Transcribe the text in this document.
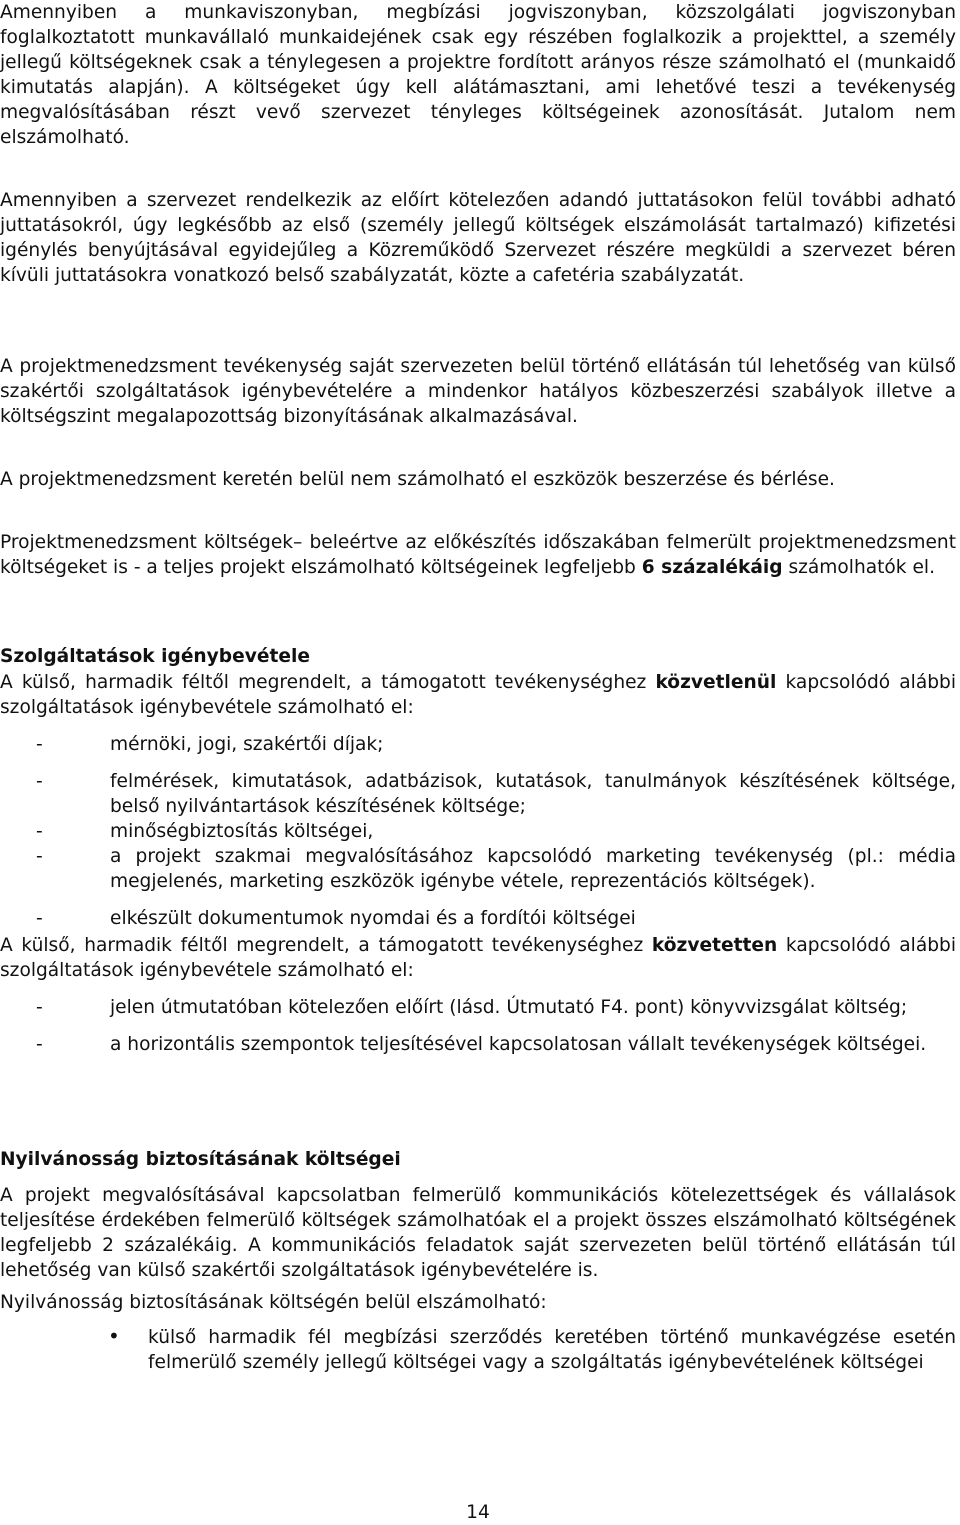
Amennyiben a munkaviszonyban, megbízási jogviszonyban, közszolgálati jogviszonyban foglalkoztatott munkavállaló munkaidejének csak egy részében foglalkozik a projekttel, a személy jellegű költségeknek csak a ténylegesen a projektre fordított arányos része számolható el (munkaidő kimutatás alapján). A költségeket úgy kell alátámasztani, ami lehetővé teszi a tevékenység megvalósításában részt vevő szervezet tényleges költségeinek azonosítását. Jutalom nem elszámolható.

Amennyiben a szervezet rendelkezik az előírt kötelezően adandó juttatásokon felül további adható juttatásokról, úgy legkésőbb az első (személy jellegű költségek elszámolását tartalmazó) kifizetési igénylés benyújtásával egyidejűleg a Közreműködő Szervezet részére megküldi a szervezet béren kívüli juttatásokra vonatkozó belső szabályzatát, közte a cafetéria szabályzatát.

A projektmenedzsment tevékenység saját szervezeten belül történő ellátásán túl lehetőség van külső szakértői szolgáltatások igénybevételére a mindenkor hatályos közbeszerzési szabályok illetve a költségszint megalapozottság bizonyításának alkalmazásával.

A projektmenedzsment keretén belül nem számolható el eszközök beszerzése és bérlése.

Projektmenedzsment költségek– beleértve az előkészítés időszakában felmerült projektmenedzsment költségeket is - a teljes projekt elszámolható költségeinek legfeljebb 6 százalékáig számolhatók el.

Szolgáltatások igénybevétele

A külső, harmadik féltől megrendelt, a támogatott tevékenységhez közvetlenül kapcsolódó alábbi szolgáltatások igénybevétele számolható el:

-	mérnöki, jogi, szakértői díjak;
-	felmérések, kimutatások, adatbázisok, kutatások, tanulmányok készítésének költsége, belső nyilvántartások készítésének költsége;
-	minőségbiztosítás költségei,
-	a projekt szakmai megvalósításához kapcsolódó marketing tevékenység (pl.: média megjelenés, marketing eszközök igénybe vétele, reprezentációs költségek).
-	elkészült dokumentumok nyomdai és a fordítói költségei

A külső, harmadik féltől megrendelt, a támogatott tevékenységhez közvetetten kapcsolódó alábbi szolgáltatások igénybevétele számolható el:

-	jelen útmutatóban kötelezően előírt (lásd. Útmutató F4. pont) könyvvizsgálat költség;
-	a horizontális szempontok teljesítésével kapcsolatosan vállalt tevékenységek költségei.
Nyilvánosság biztosításának költségei

A projekt megvalósításával kapcsolatban felmerülő kommunikációs kötelezettségek és vállalások teljesítése érdekében felmerülő költségek számolhatóak el a projekt összes elszámolható költségének legfeljebb 2 százalékáig. A kommunikációs feladatok saját szervezeten belül történő ellátásán túl lehetőség van külső szakértői szolgáltatások igénybevételére is.

Nyilvánosság biztosításának költségén belül elszámolható:

• külső harmadik fél megbízási szerződés keretében történő munkavégzése esetén felmerülő személy jellegű költségei vagy a szolgáltatás igénybevételének költségei
14
